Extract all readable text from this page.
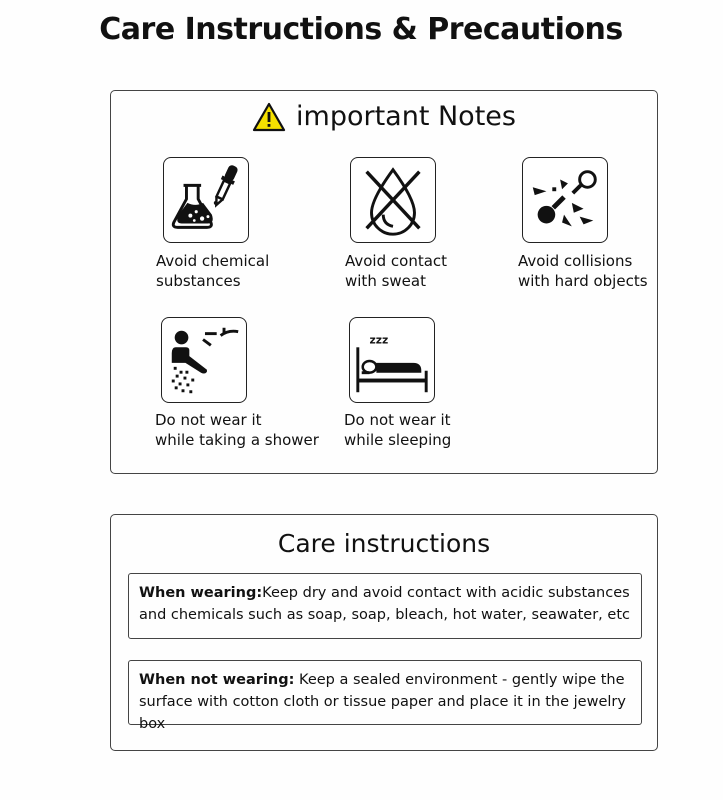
Care Instructions & Precautions
important Notes
Avoid chemical
substances
Avoid contact
with sweat
Avoid collisions
with hard objects
Do not wear it
while taking a shower
zzz
Do not wear it
while sleeping
Care instructions
When wearing:Keep dry and avoid contact with acidic substances and chemicals such as soap, soap, bleach, hot water, seawater, etc
When not wearing: Keep a sealed environment - gently wipe the surface with cotton cloth or tissue paper and place it in the jewelry box
